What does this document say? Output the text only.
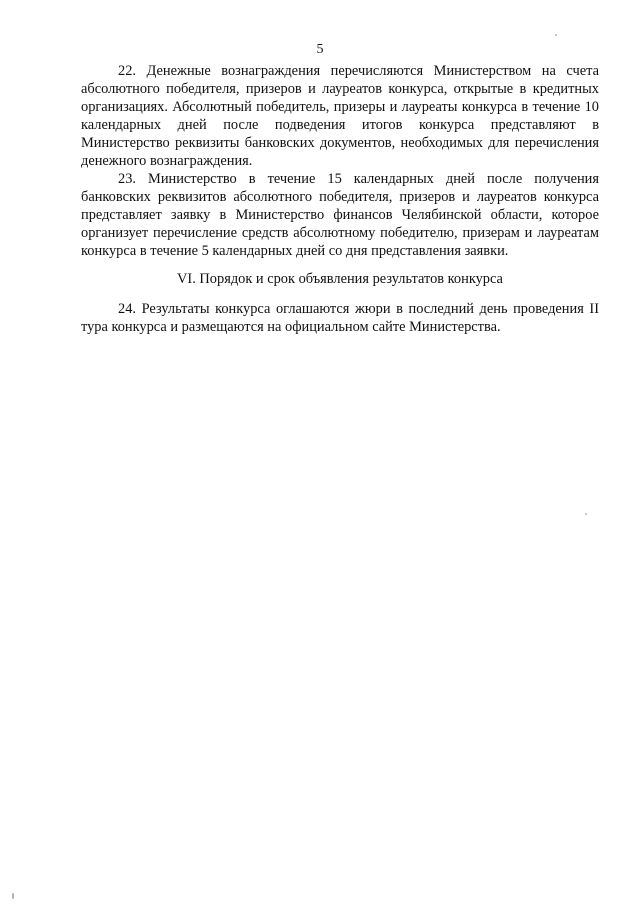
5

22. Денежные вознаграждения перечисляются Министерством на счета абсолютного победителя, призеров и лауреатов конкурса, открытые в кредитных организациях. Абсолютный победитель, призеры и лауреаты конкурса в течение 10 календарных дней после подведения итогов конкурса представляют в Министерство реквизиты банковских документов, необходимых для перечисления денежного вознаграждения.

23. Министерство в течение 15 календарных дней после получения банковских реквизитов абсолютного победителя, призеров и лауреатов конкурса представляет заявку в Министерство финансов Челябинской области, которое организует перечисление средств абсолютному победителю, призерам и лауреатам конкурса в течение 5 календарных дней со дня представления заявки.

VI. Порядок и срок объявления результатов конкурса

24. Результаты конкурса оглашаются жюри в последний день проведения II тура конкурса и размещаются на официальном сайте Министерства.
